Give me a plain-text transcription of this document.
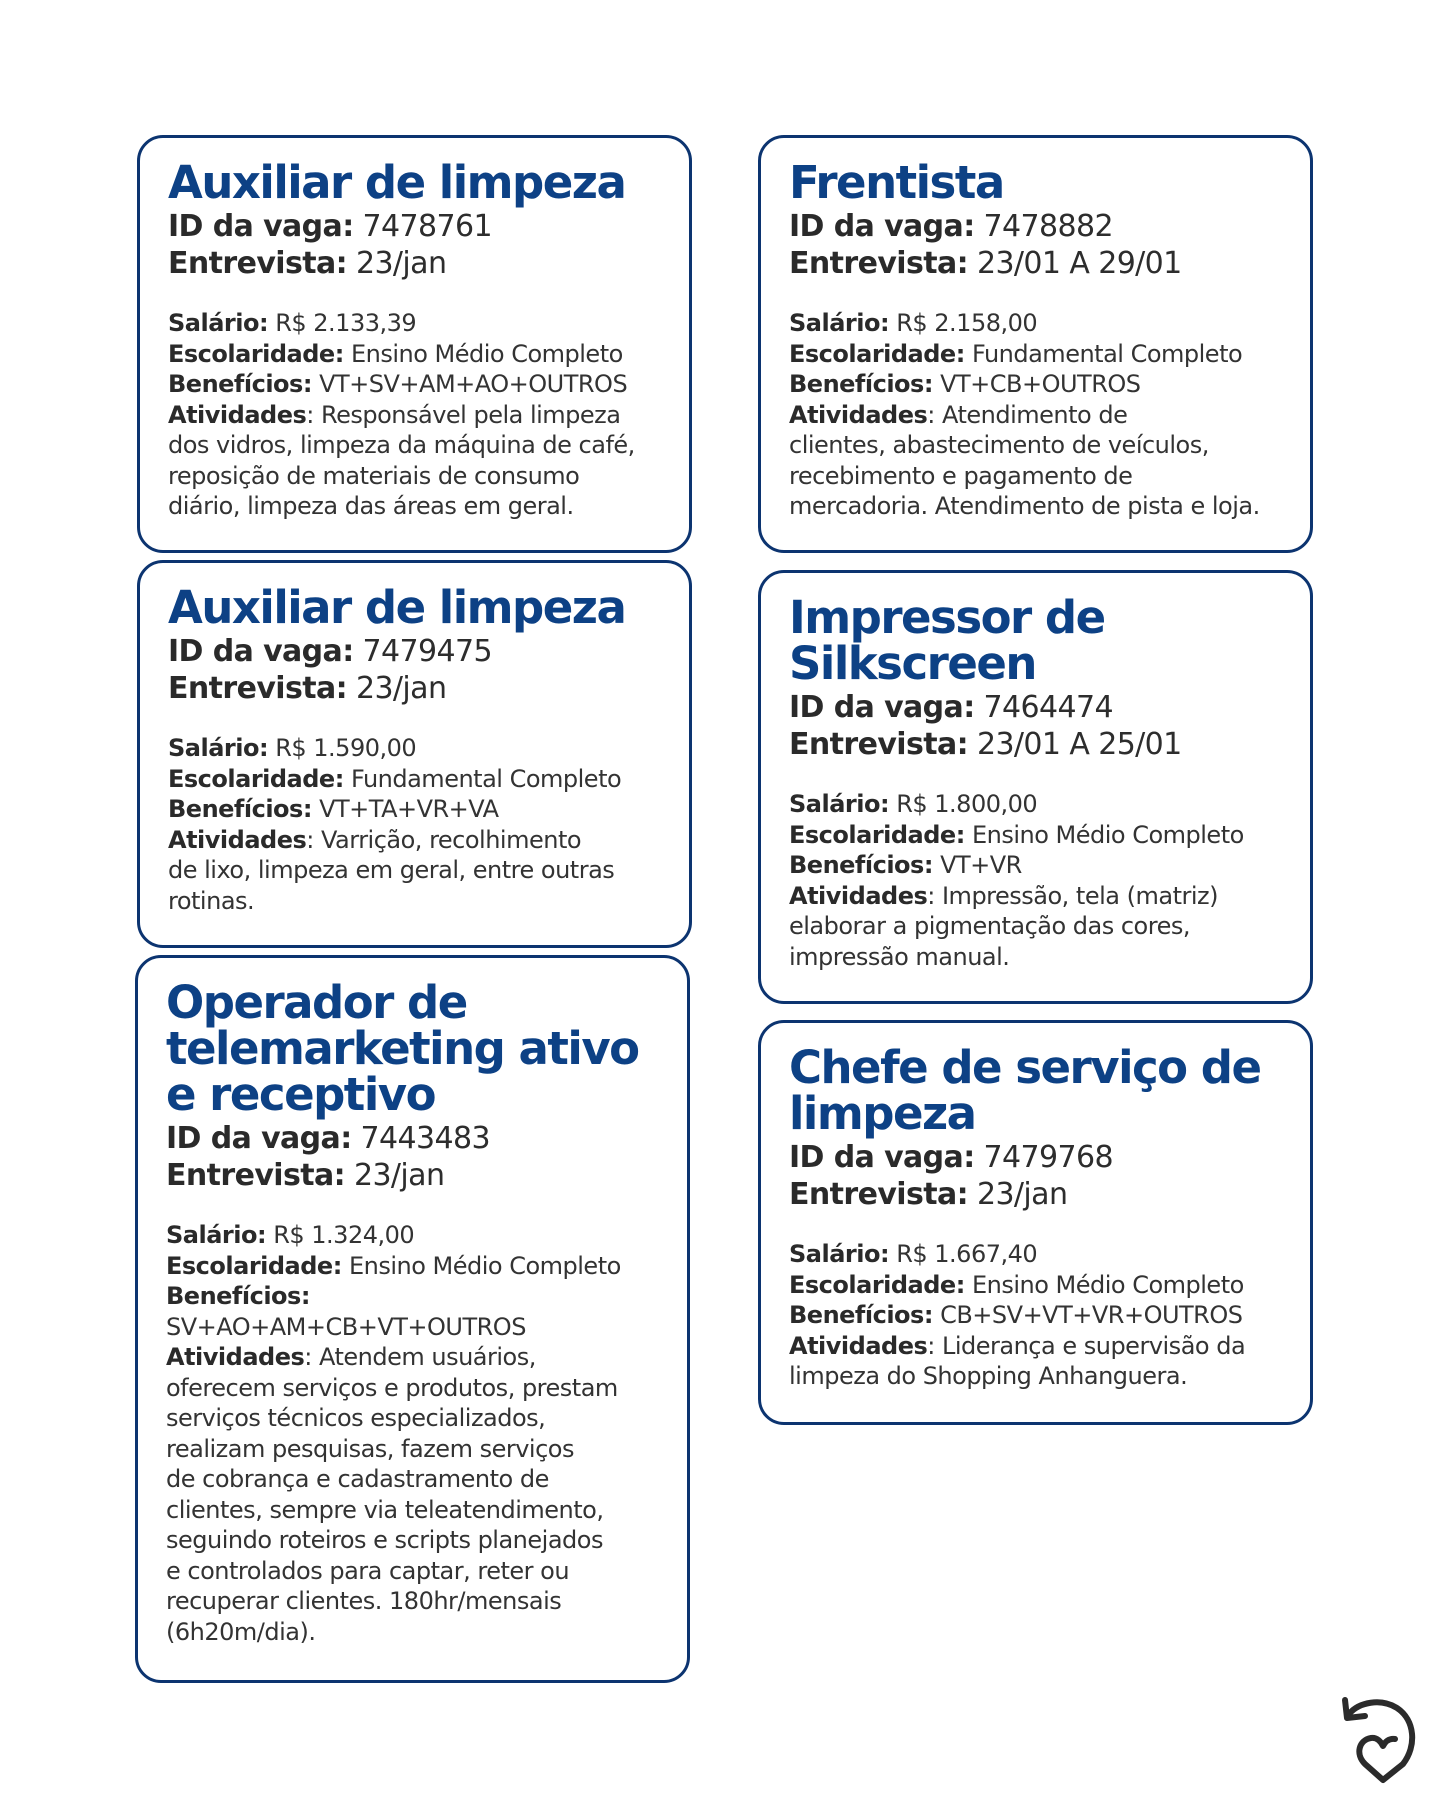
Auxiliar de limpeza
ID da vaga: 7478761
Entrevista: 23/jan
Salário: R$ 2.133,39
Escolaridade: Ensino Médio Completo
Benefícios: VT+SV+AM+AO+OUTROS
Atividades: Responsável pela limpeza
dos vidros, limpeza da máquina de café,
reposição de materiais de consumo
diário, limpeza das áreas em geral.
Auxiliar de limpeza
ID da vaga: 7479475
Entrevista: 23/jan
Salário: R$ 1.590,00
Escolaridade: Fundamental Completo
Benefícios: VT+TA+VR+VA
Atividades: Varrição, recolhimento
de lixo, limpeza em geral, entre outras
rotinas.
Operador de
telemarketing ativo
e receptivo
ID da vaga: 7443483
Entrevista: 23/jan
Salário: R$ 1.324,00
Escolaridade: Ensino Médio Completo
Benefícios:
SV+AO+AM+CB+VT+OUTROS
Atividades: Atendem usuários,
oferecem serviços e produtos, prestam
serviços técnicos especializados,
realizam pesquisas, fazem serviços
de cobrança e cadastramento de
clientes, sempre via teleatendimento,
seguindo roteiros e scripts planejados
e controlados para captar, reter ou
recuperar clientes. 180hr/mensais
(6h20m/dia).
Frentista
ID da vaga: 7478882
Entrevista: 23/01 A 29/01
Salário: R$ 2.158,00
Escolaridade: Fundamental Completo
Benefícios: VT+CB+OUTROS
Atividades: Atendimento de
clientes, abastecimento de veículos,
recebimento e pagamento de
mercadoria. Atendimento de pista e loja.
Impressor de
Silkscreen
ID da vaga: 7464474
Entrevista: 23/01 A 25/01
Salário: R$ 1.800,00
Escolaridade: Ensino Médio Completo
Benefícios: VT+VR
Atividades: Impressão, tela (matriz)
elaborar a pigmentação das cores,
impressão manual.
Chefe de serviço de
limpeza
ID da vaga: 7479768
Entrevista: 23/jan
Salário: R$ 1.667,40
Escolaridade: Ensino Médio Completo
Benefícios: CB+SV+VT+VR+OUTROS
Atividades: Liderança e supervisão da
limpeza do Shopping Anhanguera.
